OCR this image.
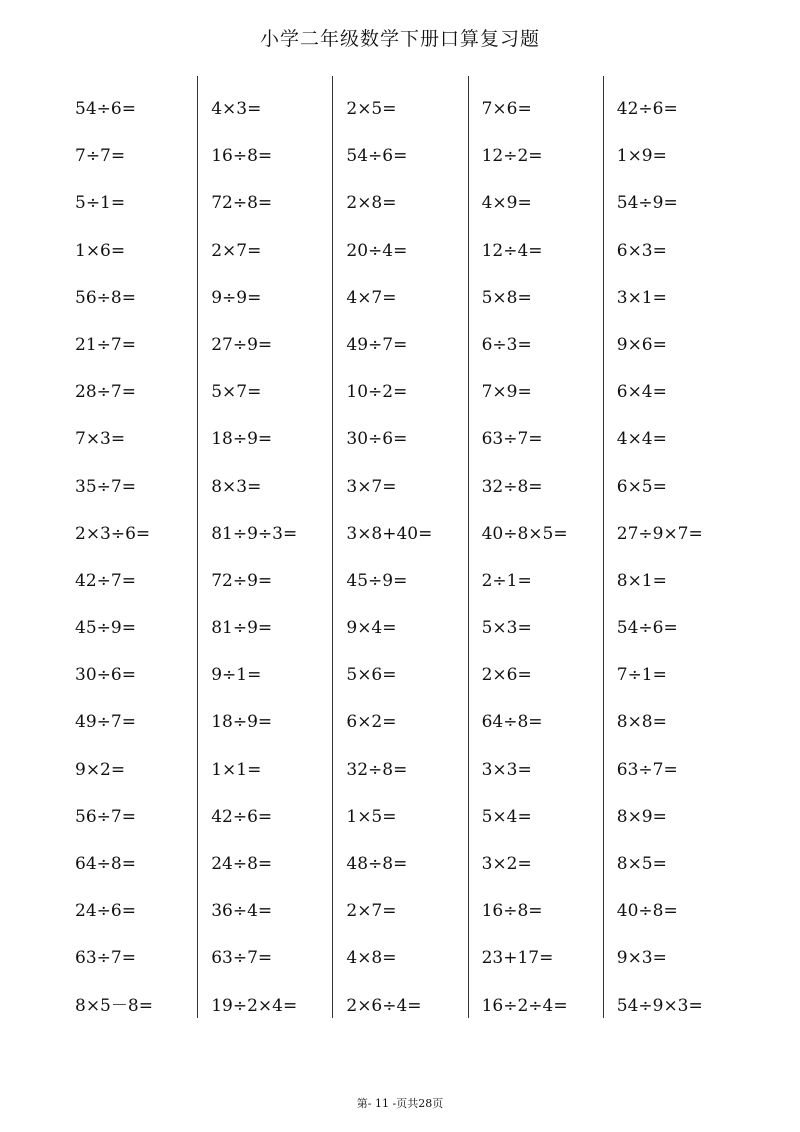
小学二年级数学下册口算复习题
54÷6=
7÷7=
5÷1=
1×6=
56÷8=
21÷7=
28÷7=
7×3=
35÷7=
2×3÷6=
42÷7=
45÷9=
30÷6=
49÷7=
9×2=
56÷7=
64÷8=
24÷6=
63÷7=
8×5－8=
4×3=
16÷8=
72÷8=
2×7=
9÷9=
27÷9=
5×7=
18÷9=
8×3=
81÷9÷3=
72÷9=
81÷9=
9÷1=
18÷9=
1×1=
42÷6=
24÷8=
36÷4=
63÷7=
19÷2×4=
2×5=
54÷6=
2×8=
20÷4=
4×7=
49÷7=
10÷2=
30÷6=
3×7=
3×8+40=
45÷9=
9×4=
5×6=
6×2=
32÷8=
1×5=
48÷8=
2×7=
4×8=
2×6÷4=
7×6=
12÷2=
4×9=
12÷4=
5×8=
6÷3=
7×9=
63÷7=
32÷8=
40÷8×5=
2÷1=
5×3=
2×6=
64÷8=
3×3=
5×4=
3×2=
16÷8=
23+17=
16÷2÷4=
42÷6=
1×9=
54÷9=
6×3=
3×1=
9×6=
6×4=
4×4=
6×5=
27÷9×7=
8×1=
54÷6=
7÷1=
8×8=
63÷7=
8×9=
8×5=
40÷8=
9×3=
54÷9×3=
第- 11 -页共28页
